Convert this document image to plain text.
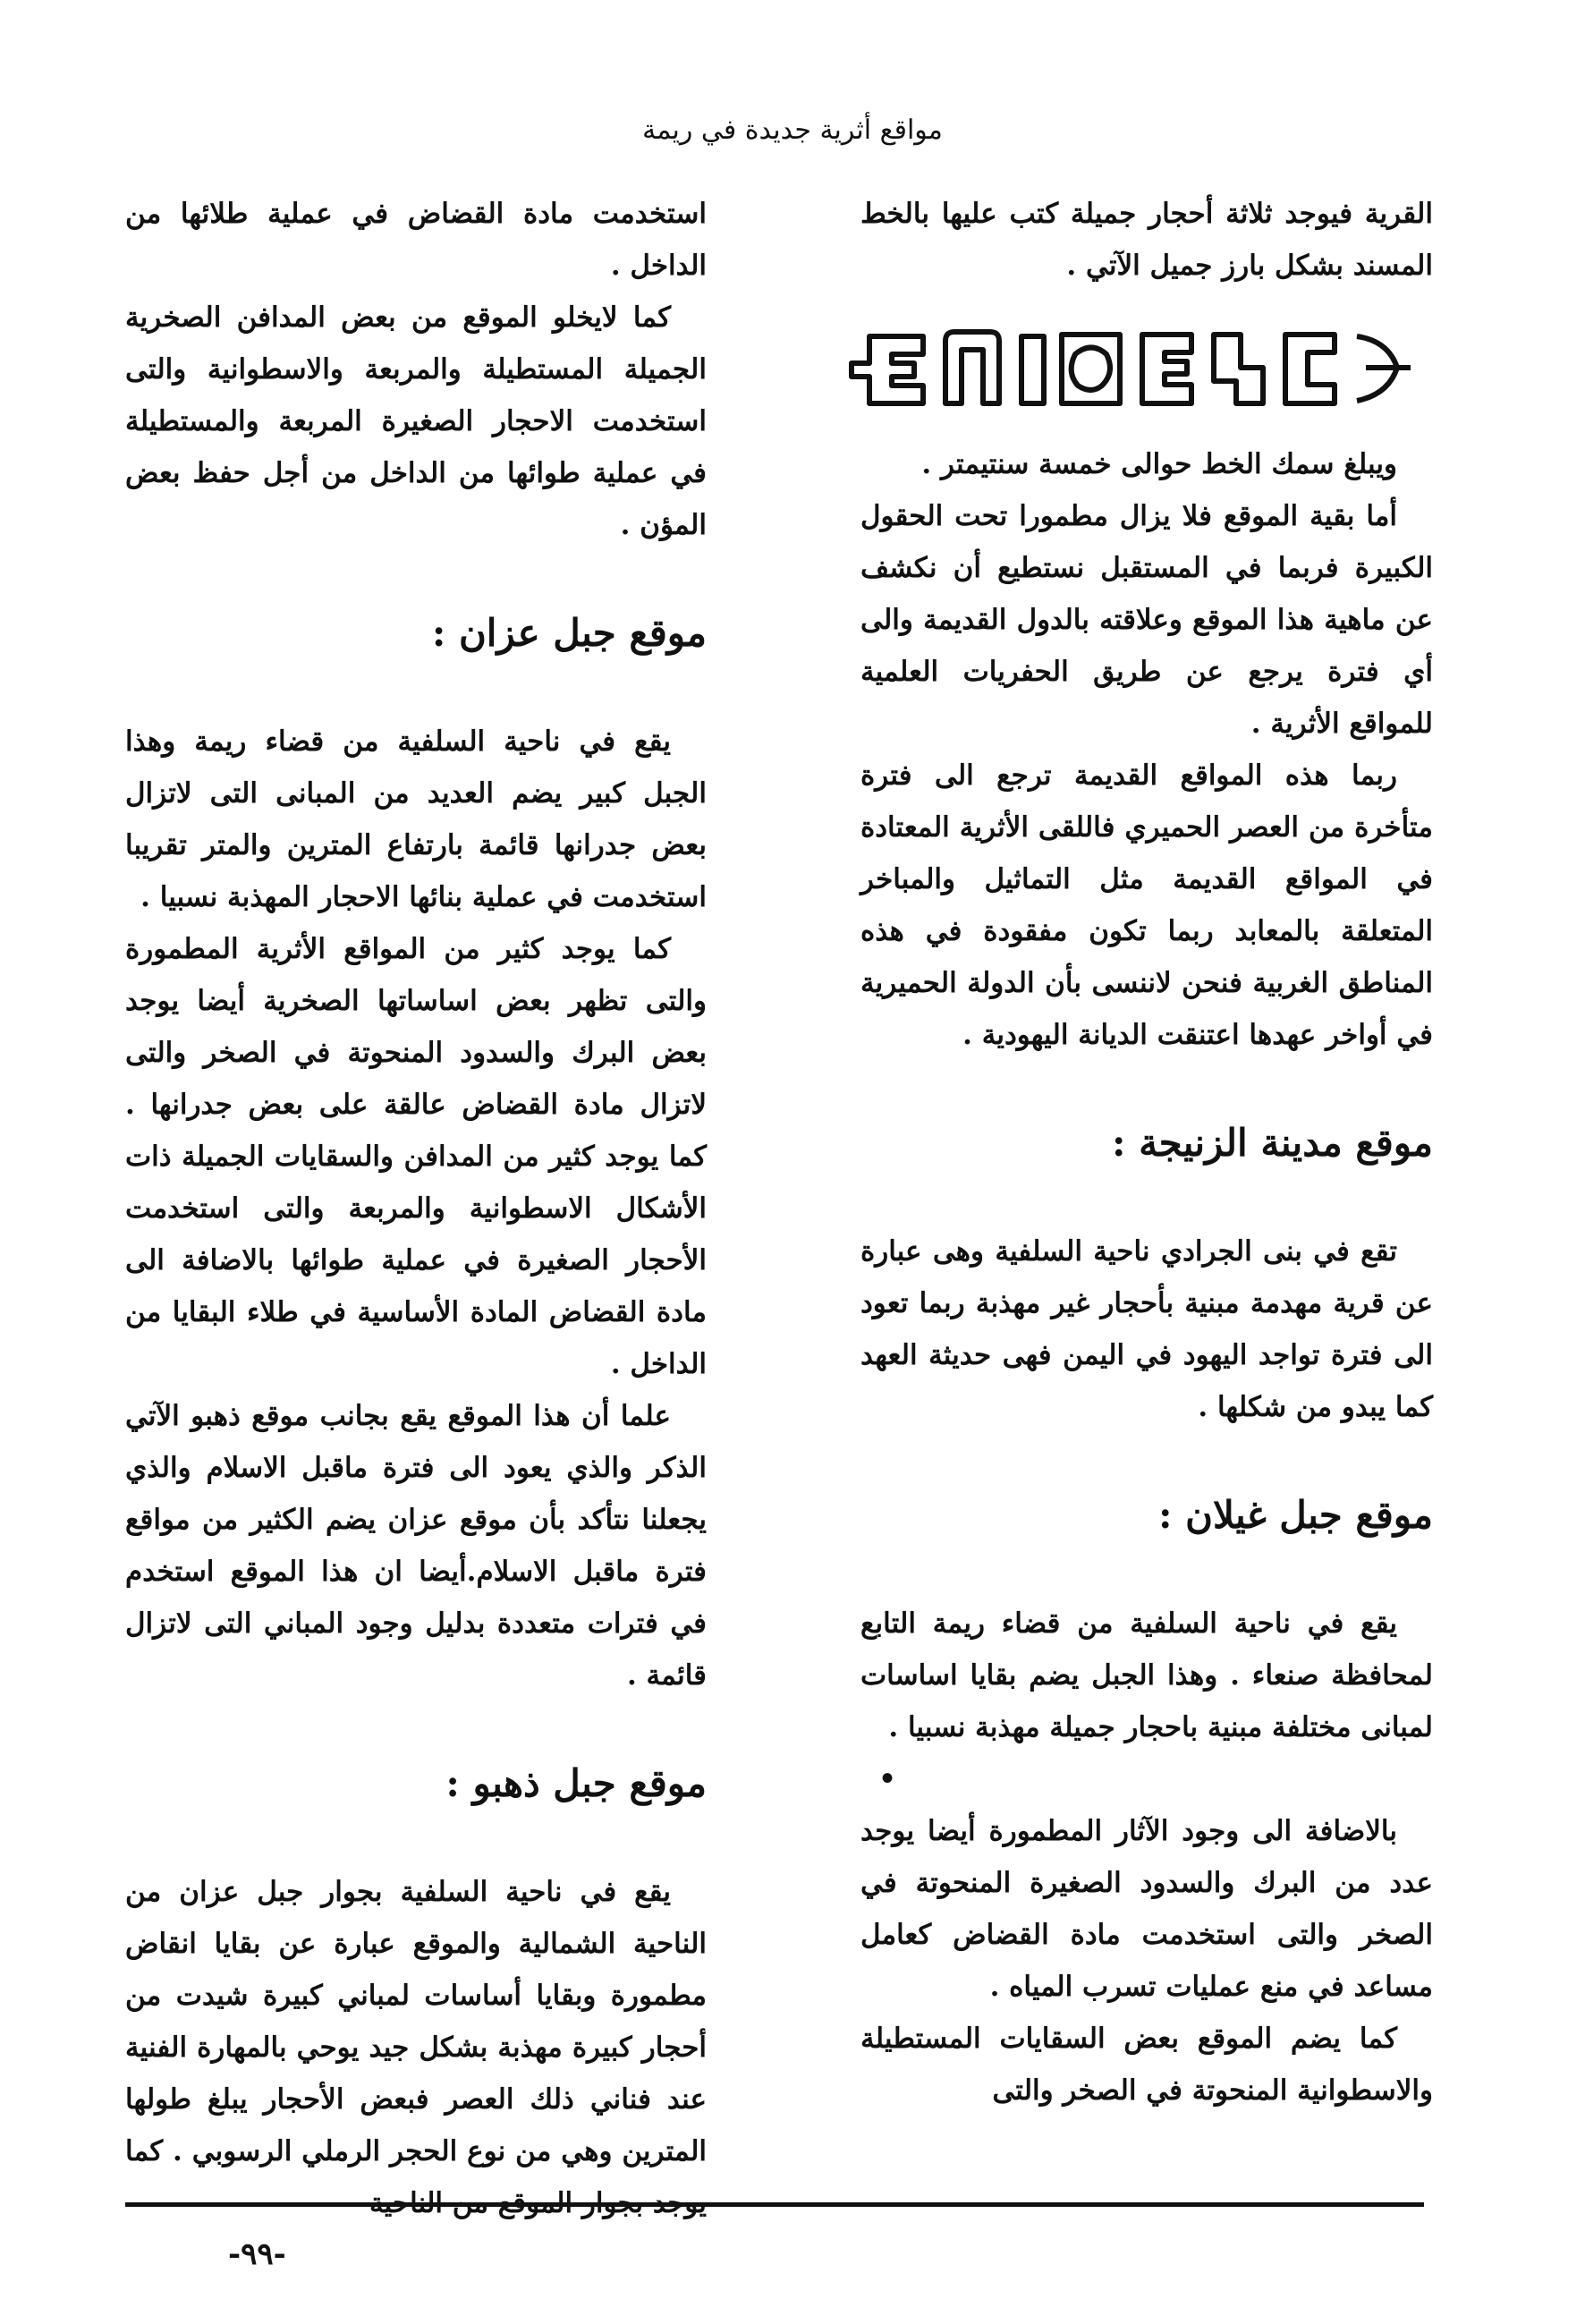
مواقع أثرية جديدة في ريمة

القرية فيوجد ثلاثة أحجار جميلة كتب عليها بالخط المسند بشكل بارز جميل الآتي .

ويبلغ سمك الخط حوالى خمسة سنتيمتر .

أما بقية الموقع فلا يزال مطمورا تحت الحقول الكبيرة فربما في المستقبل نستطيع أن نكشف عن ماهية هذا الموقع وعلاقته بالدول القديمة والى أي فترة يرجع عن طريق الحفريات العلمية للمواقع الأثرية .

ربما هذه المواقع القديمة ترجع الى فترة متأخرة من العصر الحميري فاللقى الأثرية المعتادة في المواقع القديمة مثل التماثيل والمباخر المتعلقة بالمعابد ربما تكون مفقودة في هذه المناطق الغربية فنحن لاننسى بأن الدولة الحميرية في أواخر عهدها اعتنقت الديانة اليهودية .

موقع مدينة الزنيجة :

تقع في بنى الجرادي ناحية السلفية وهى عبارة عن قرية مهدمة مبنية بأحجار غير مهذبة ربما تعود الى فترة تواجد اليهود في اليمن فهى حديثة العهد كما يبدو من شكلها .

موقع جبل غيلان :

يقع في ناحية السلفية من قضاء ريمة التابع لمحافظة صنعاء . وهذا الجبل يضم بقايا اساسات لمبانى مختلفة مبنية باحجار جميلة مهذبة نسبيا .

•

بالاضافة الى وجود الآثار المطمورة أيضا يوجد عدد من البرك والسدود الصغيرة المنحوتة في الصخر والتى استخدمت مادة القضاض كعامل مساعد في منع عمليات تسرب المياه .

كما يضم الموقع بعض السقايات المستطيلة والاسطوانية المنحوتة في الصخر والتى

استخدمت مادة القضاض في عملية طلائها من الداخل .

كما لايخلو الموقع من بعض المدافن الصخرية الجميلة المستطيلة والمربعة والاسطوانية والتى استخدمت الاحجار الصغيرة المربعة والمستطيلة في عملية طوائها من الداخل من أجل حفظ بعض المؤن .

موقع جبل عزان :

يقع في ناحية السلفية من قضاء ريمة وهذا الجبل كبير يضم العديد من المبانى التى لاتزال بعض جدرانها قائمة بارتفاع المترين والمتر تقريبا استخدمت في عملية بنائها الاحجار المهذبة نسبيا .

كما يوجد كثير من المواقع الأثرية المطمورة والتى تظهر بعض اساساتها الصخرية أيضا يوجد بعض البرك والسدود المنحوتة في الصخر والتى لاتزال مادة القضاض عالقة على بعض جدرانها . كما يوجد كثير من المدافن والسقايات الجميلة ذات الأشكال الاسطوانية والمربعة والتى استخدمت الأحجار الصغيرة في عملية طوائها بالاضافة الى مادة القضاض المادة الأساسية في طلاء البقايا من الداخل .

علما أن هذا الموقع يقع بجانب موقع ذهبو الآتي الذكر والذي يعود الى فترة ماقبل الاسلام والذي يجعلنا نتأكد بأن موقع عزان يضم الكثير من مواقع فترة ماقبل الاسلام.أيضا ان هذا الموقع استخدم في فترات متعددة بدليل وجود المباني التى لاتزال قائمة .

موقع جبل ذهبو :

يقع في ناحية السلفية بجوار جبل عزان من الناحية الشمالية والموقع عبارة عن بقايا انقاض مطمورة وبقايا أساسات لمباني كبيرة شيدت من أحجار كبيرة مهذبة بشكل جيد يوحي بالمهارة الفنية عند فناني ذلك العصر فبعض الأحجار يبلغ طولها المترين وهي من نوع الحجر الرملي الرسوبي . كما يوجد بجوار الموقع من الناحية

-٩٩-
